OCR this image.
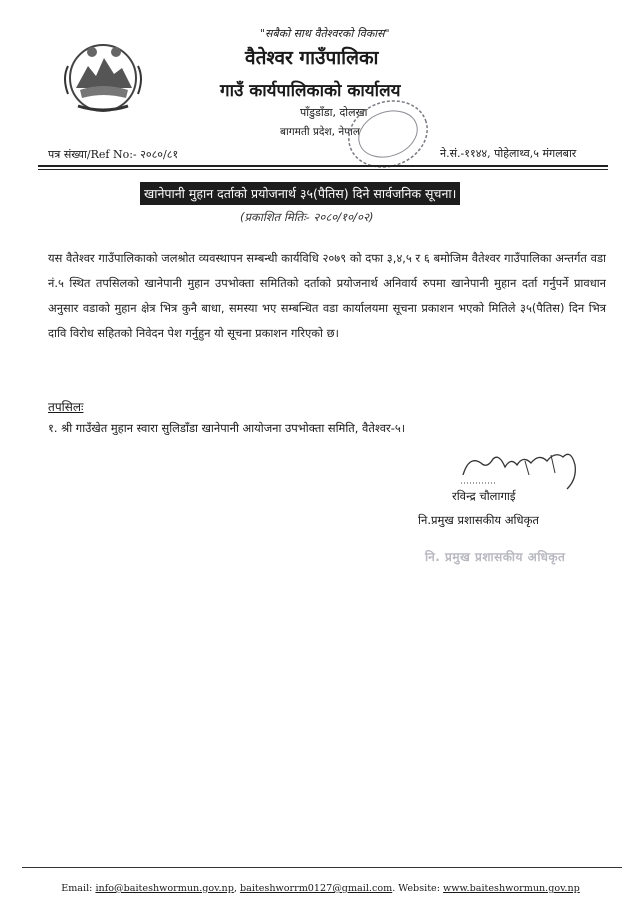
"सबैको साथ वैतेश्वरको विकास"
वैतेश्वर गाउँपालिका
गाउँ कार्यपालिकाको कार्यालय
पाँडुडाँडा, दोलखा
बागमती प्रदेश, नेपाल
पत्र संख्या/Ref No:- २०८०/८१	ने.सं.-११४४, पोहेलाथ्व,५ मंगलबार
खानेपानी मुहान दर्ताको प्रयोजनार्थ ३५(पैतिस) दिने सार्वजनिक सूचना।
(प्रकाशित मितिः- २०८०/१०/०२)
यस वैतेश्वर गाउँपालिकाको जलश्रोत व्यवस्थापन सम्बन्धी कार्यविधि २०७९ को दफा ३,४,५ र ६ बमोजिम वैतेश्वर गाउँपालिका अन्तर्गत वडा नं.५ स्थित तपसिलको खानेपानी मुहान उपभोक्ता समितिको दर्ताको प्रयोजनार्थ अनिवार्य रुपमा खानेपानी मुहान दर्ता गर्नुपर्ने प्रावधान अनुसार वडाको मुहान क्षेत्र भित्र कुनै बाधा, समस्या भए सम्बन्धित वडा कार्यालयमा सूचना प्रकाशन भएको मितिले ३५(पैतिस) दिन भित्र दावि विरोध सहितको निवेदन पेश गर्नुहुन यो सूचना प्रकाशन गरिएको छ।
तपसिलः
१. श्री गाउँखेत मुहान स्वारा सुलिडाँडा खानेपानी आयोजना उपभोक्ता समिति, वैतेश्वर-५।
रविन्द्र चौलागाई
नि.प्रमुख प्रशासकीय अधिकृत
नि. प्रमुख प्रशासकीय अधिकृत
Email: info@baiteshwormun.gov.np, baiteshworrm0127@gmail.com. Website: www.baiteshwormun.gov.np
